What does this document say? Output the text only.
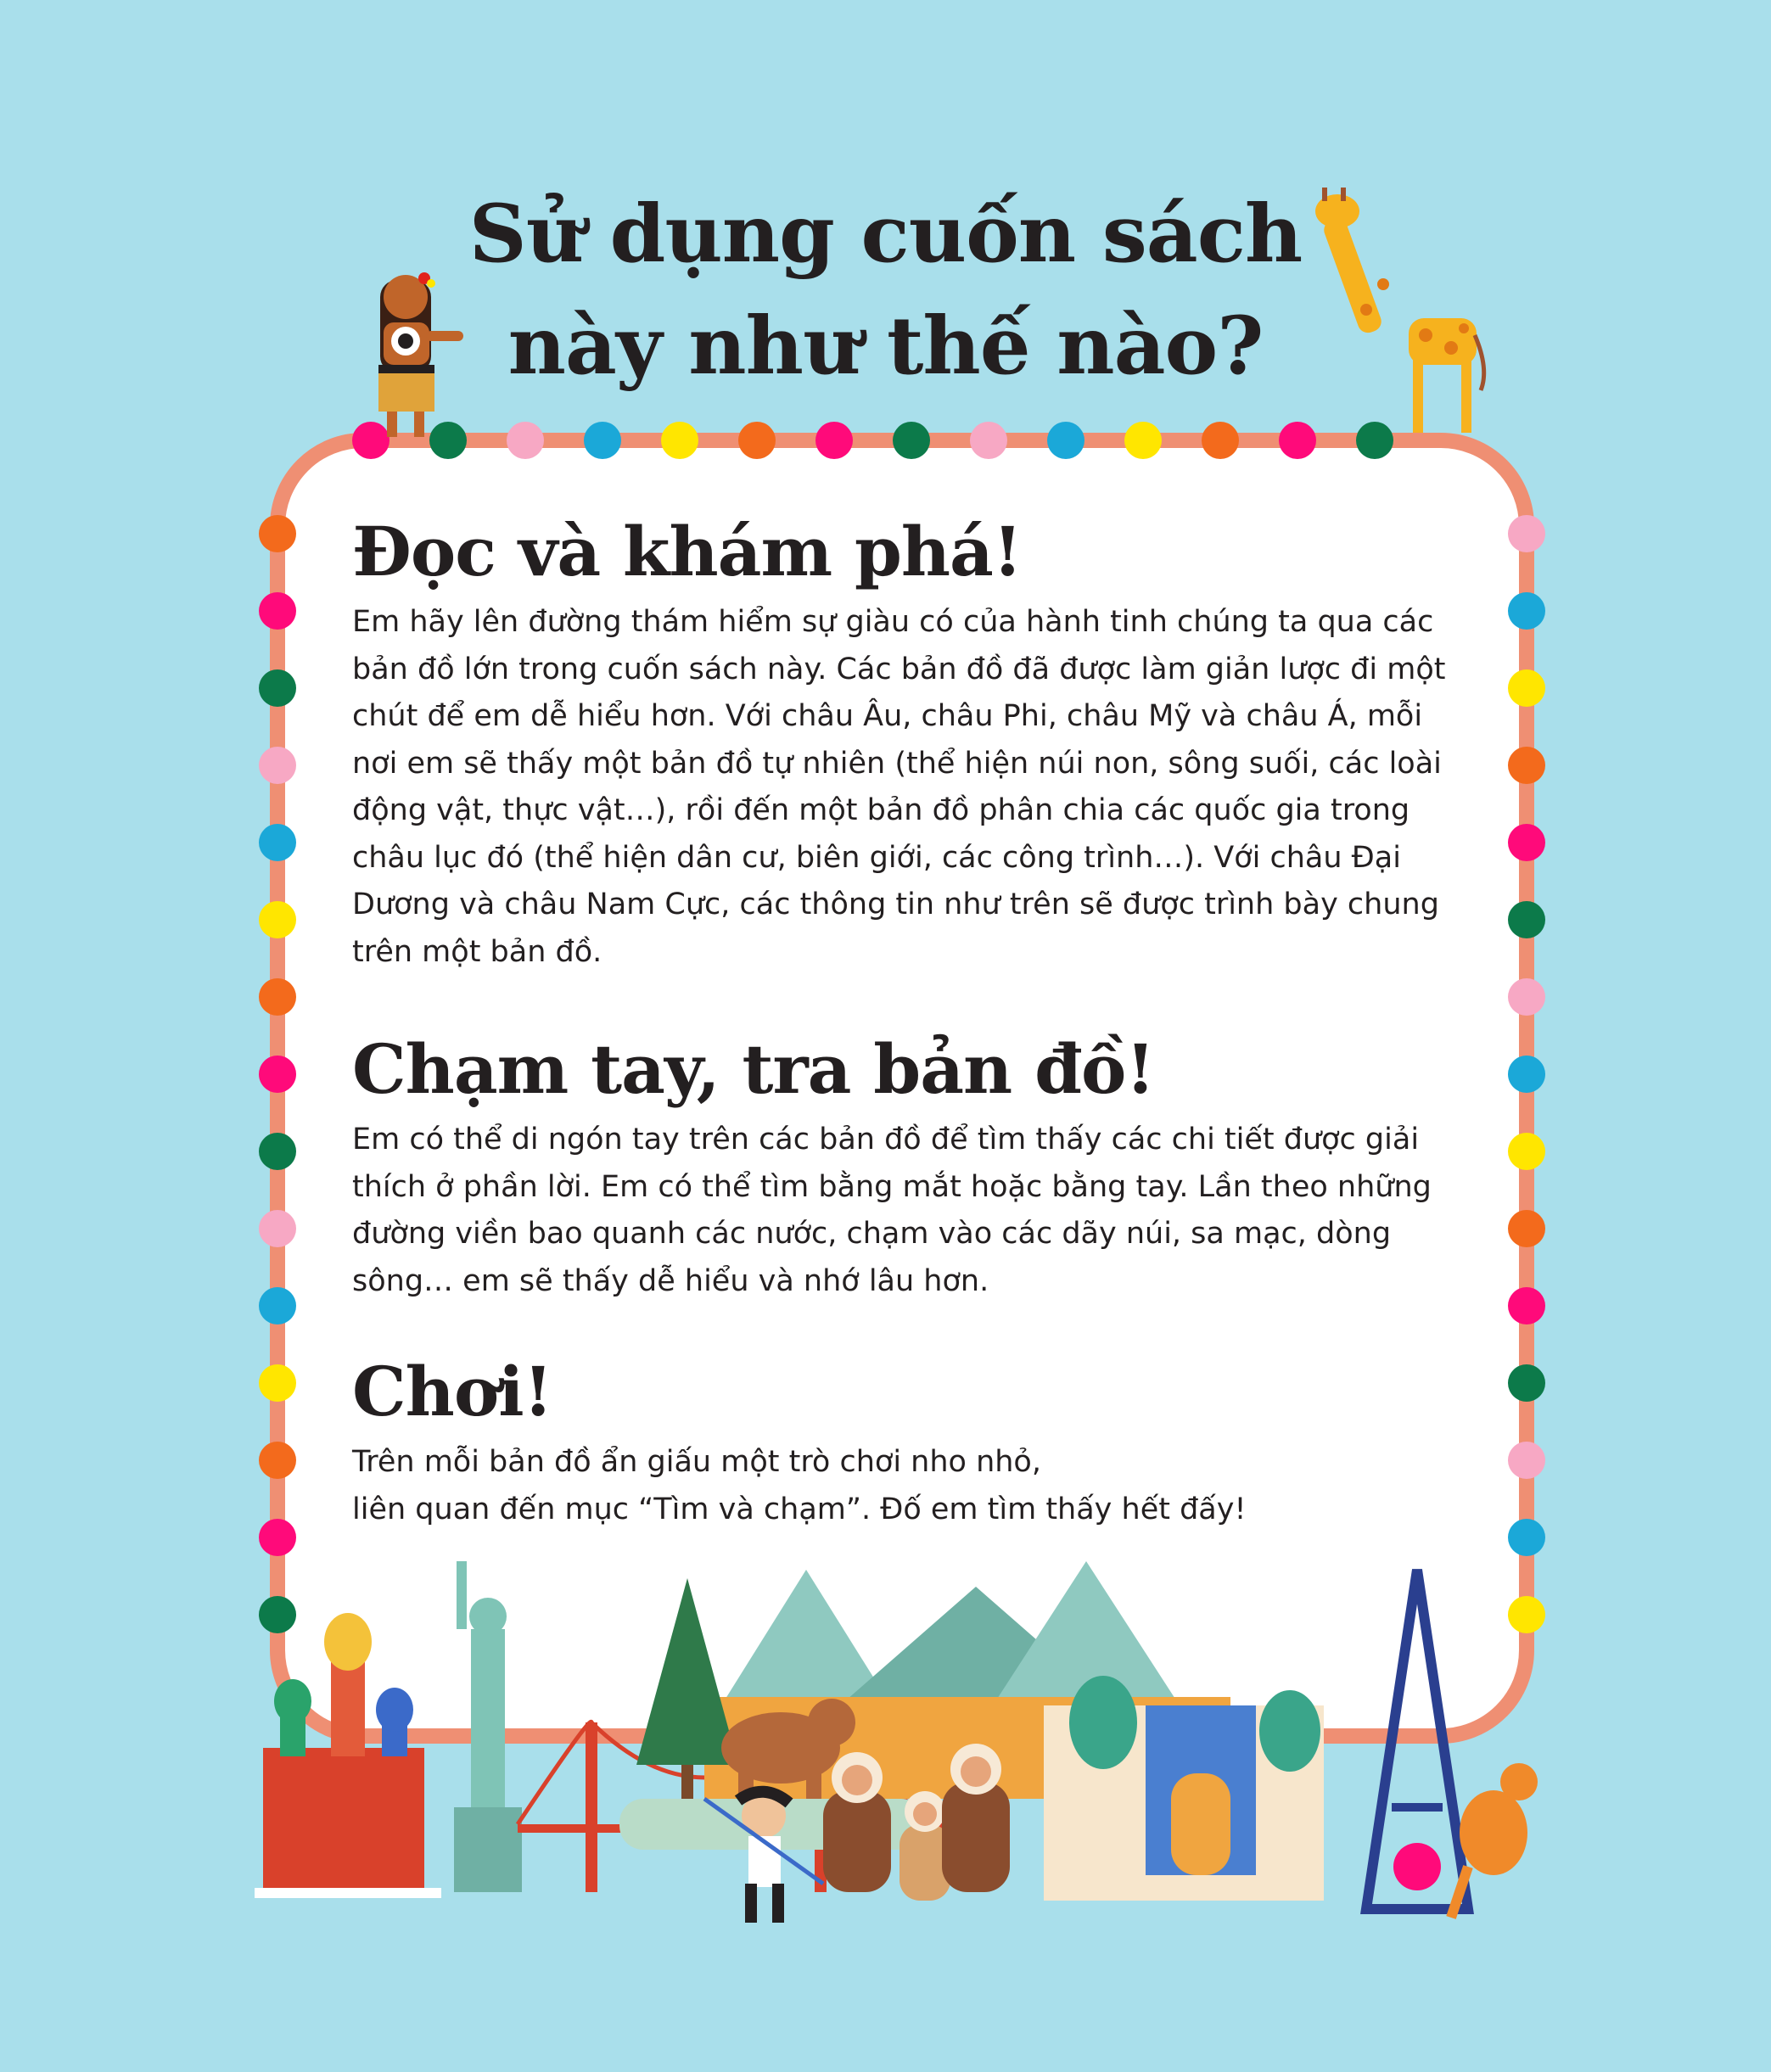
Sử dụng cuốn sách
này như thế nào?
Đọc và khám phá!

Em hãy lên đường thám hiểm sự giàu có của hành tinh chúng ta qua các bản đồ lớn trong cuốn sách này. Các bản đồ đã được làm giản lược đi một chút để em dễ hiểu hơn. Với châu Âu, châu Phi, châu Mỹ và châu Á, mỗi nơi em sẽ thấy một bản đồ tự nhiên (thể hiện núi non, sông suối, các loài động vật, thực vật…), rồi đến một bản đồ phân chia các quốc gia trong châu lục đó (thể hiện dân cư, biên giới, các công trình…). Với châu Đại Dương và châu Nam Cực, các thông tin như trên sẽ được trình bày chung trên một bản đồ.

Chạm tay, tra bản đồ!

Em có thể di ngón tay trên các bản đồ để tìm thấy các chi tiết được giải thích ở phần lời. Em có thể tìm bằng mắt hoặc bằng tay. Lần theo những đường viền bao quanh các nước, chạm vào các dãy núi, sa mạc, dòng sông… em sẽ thấy dễ hiểu và nhớ lâu hơn.

Chơi!

Trên mỗi bản đồ ẩn giấu một trò chơi nho nhỏ,
liên quan đến mục “Tìm và chạm”. Đố em tìm thấy hết đấy!
